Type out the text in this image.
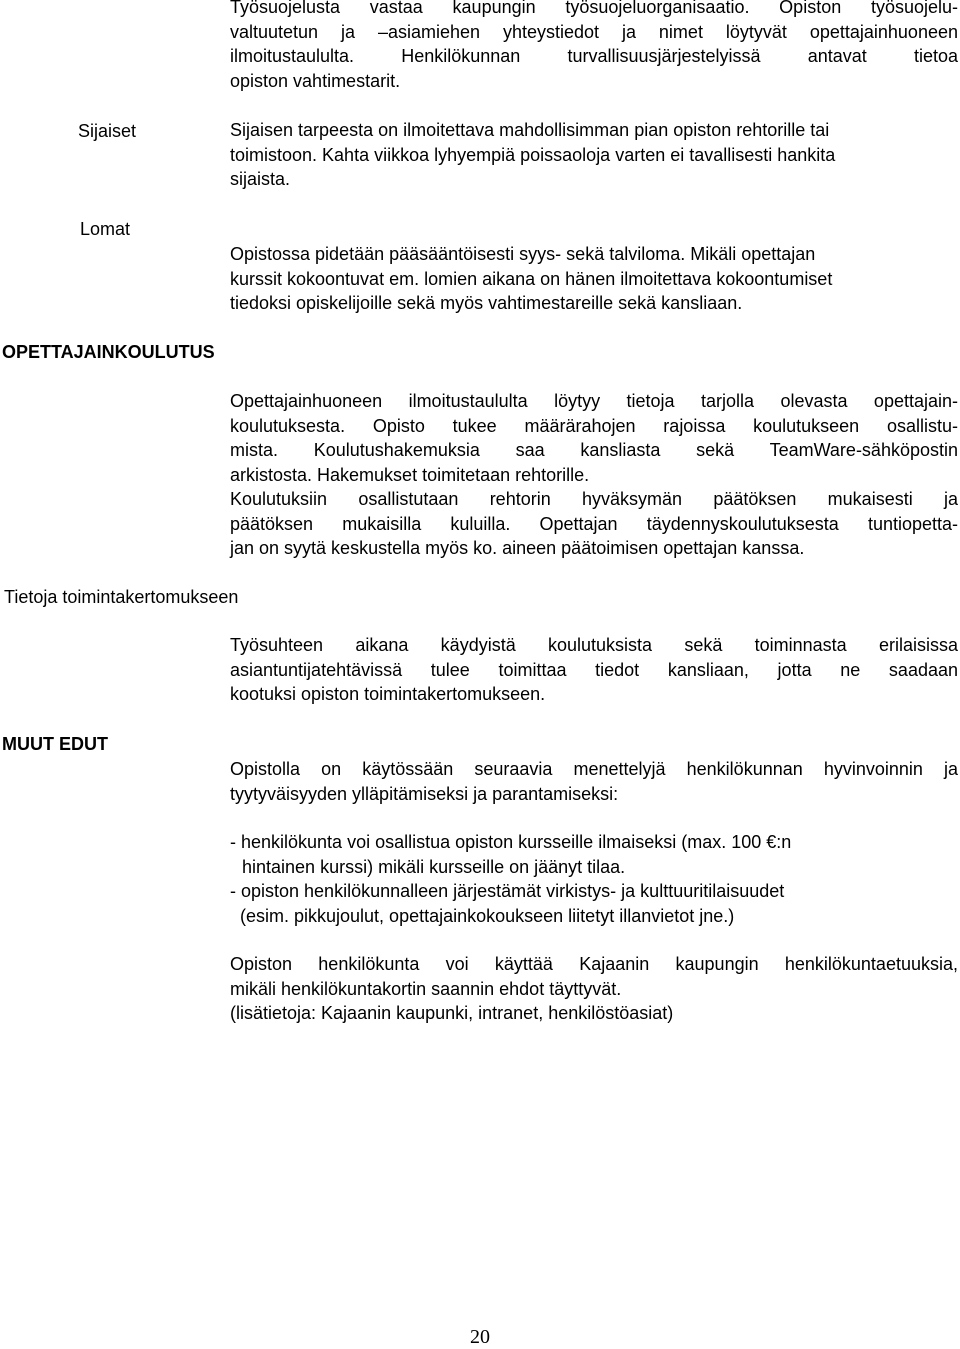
Työsuojelusta vastaa kaupungin työsuojeluorganisaatio. Opiston työsuojelu-
valtuutetun ja –asiamiehen yhteystiedot ja nimet löytyvät opettajainhuoneen
ilmoitustaululta. Henkilökunnan turvallisuusjärjestelyissä antavat tietoa
opiston vahtimestarit.
Sijaiset	Sijaisen tarpeesta on ilmoitettava mahdollisimman pian opiston rehtorille tai
toimistoon. Kahta viikkoa lyhyempiä poissaoloja varten ei tavallisesti hankita
sijaista.
Lomat
Opistossa pidetään pääsääntöisesti syys- sekä talviloma. Mikäli opettajan
kurssit kokoontuvat em. lomien aikana on hänen ilmoitettava kokoontumiset
tiedoksi opiskelijoille sekä myös vahtimestareille sekä kansliaan.
OPETTAJAINKOULUTUS
Opettajainhuoneen ilmoitustaululta löytyy tietoja tarjolla olevasta opettajain-
koulutuksesta. Opisto tukee määrärahojen rajoissa koulutukseen osallistu-
mista. Koulutushakemuksia saa kansliasta sekä TeamWare-sähköpostin
arkistosta. Hakemukset toimitetaan rehtorille.
Koulutuksiin osallistutaan rehtorin hyväksymän päätöksen mukaisesti ja
päätöksen mukaisilla kuluilla. Opettajan täydennyskoulutuksesta tuntiopetta-
jan on syytä keskustella myös ko. aineen päätoimisen opettajan kanssa.
Tietoja toimintakertomukseen
Työsuhteen aikana käydyistä koulutuksista sekä toiminnasta erilaisissa
asiantuntijatehtävissä tulee toimittaa tiedot kansliaan, jotta ne saadaan
kootuksi opiston toimintakertomukseen.
MUUT EDUT
Opistolla on käytössään seuraavia menettelyjä henkilökunnan hyvinvoinnin ja
tyytyväisyyden ylläpitämiseksi ja parantamiseksi:
- henkilökunta voi osallistua opiston kursseille ilmaiseksi (max. 100 €:n
hintainen kurssi) mikäli kursseille on jäänyt tilaa.
- opiston henkilökunnalleen järjestämät virkistys- ja kulttuuritilaisuudet
(esim. pikkujoulut, opettajainkokoukseen liitetyt illanvietot jne.)
Opiston henkilökunta voi käyttää Kajaanin kaupungin henkilökuntaetuuksia,
mikäli henkilökuntakortin saannin ehdot täyttyvät.
(lisätietoja: Kajaanin kaupunki, intranet, henkilöstöasiat)
20
